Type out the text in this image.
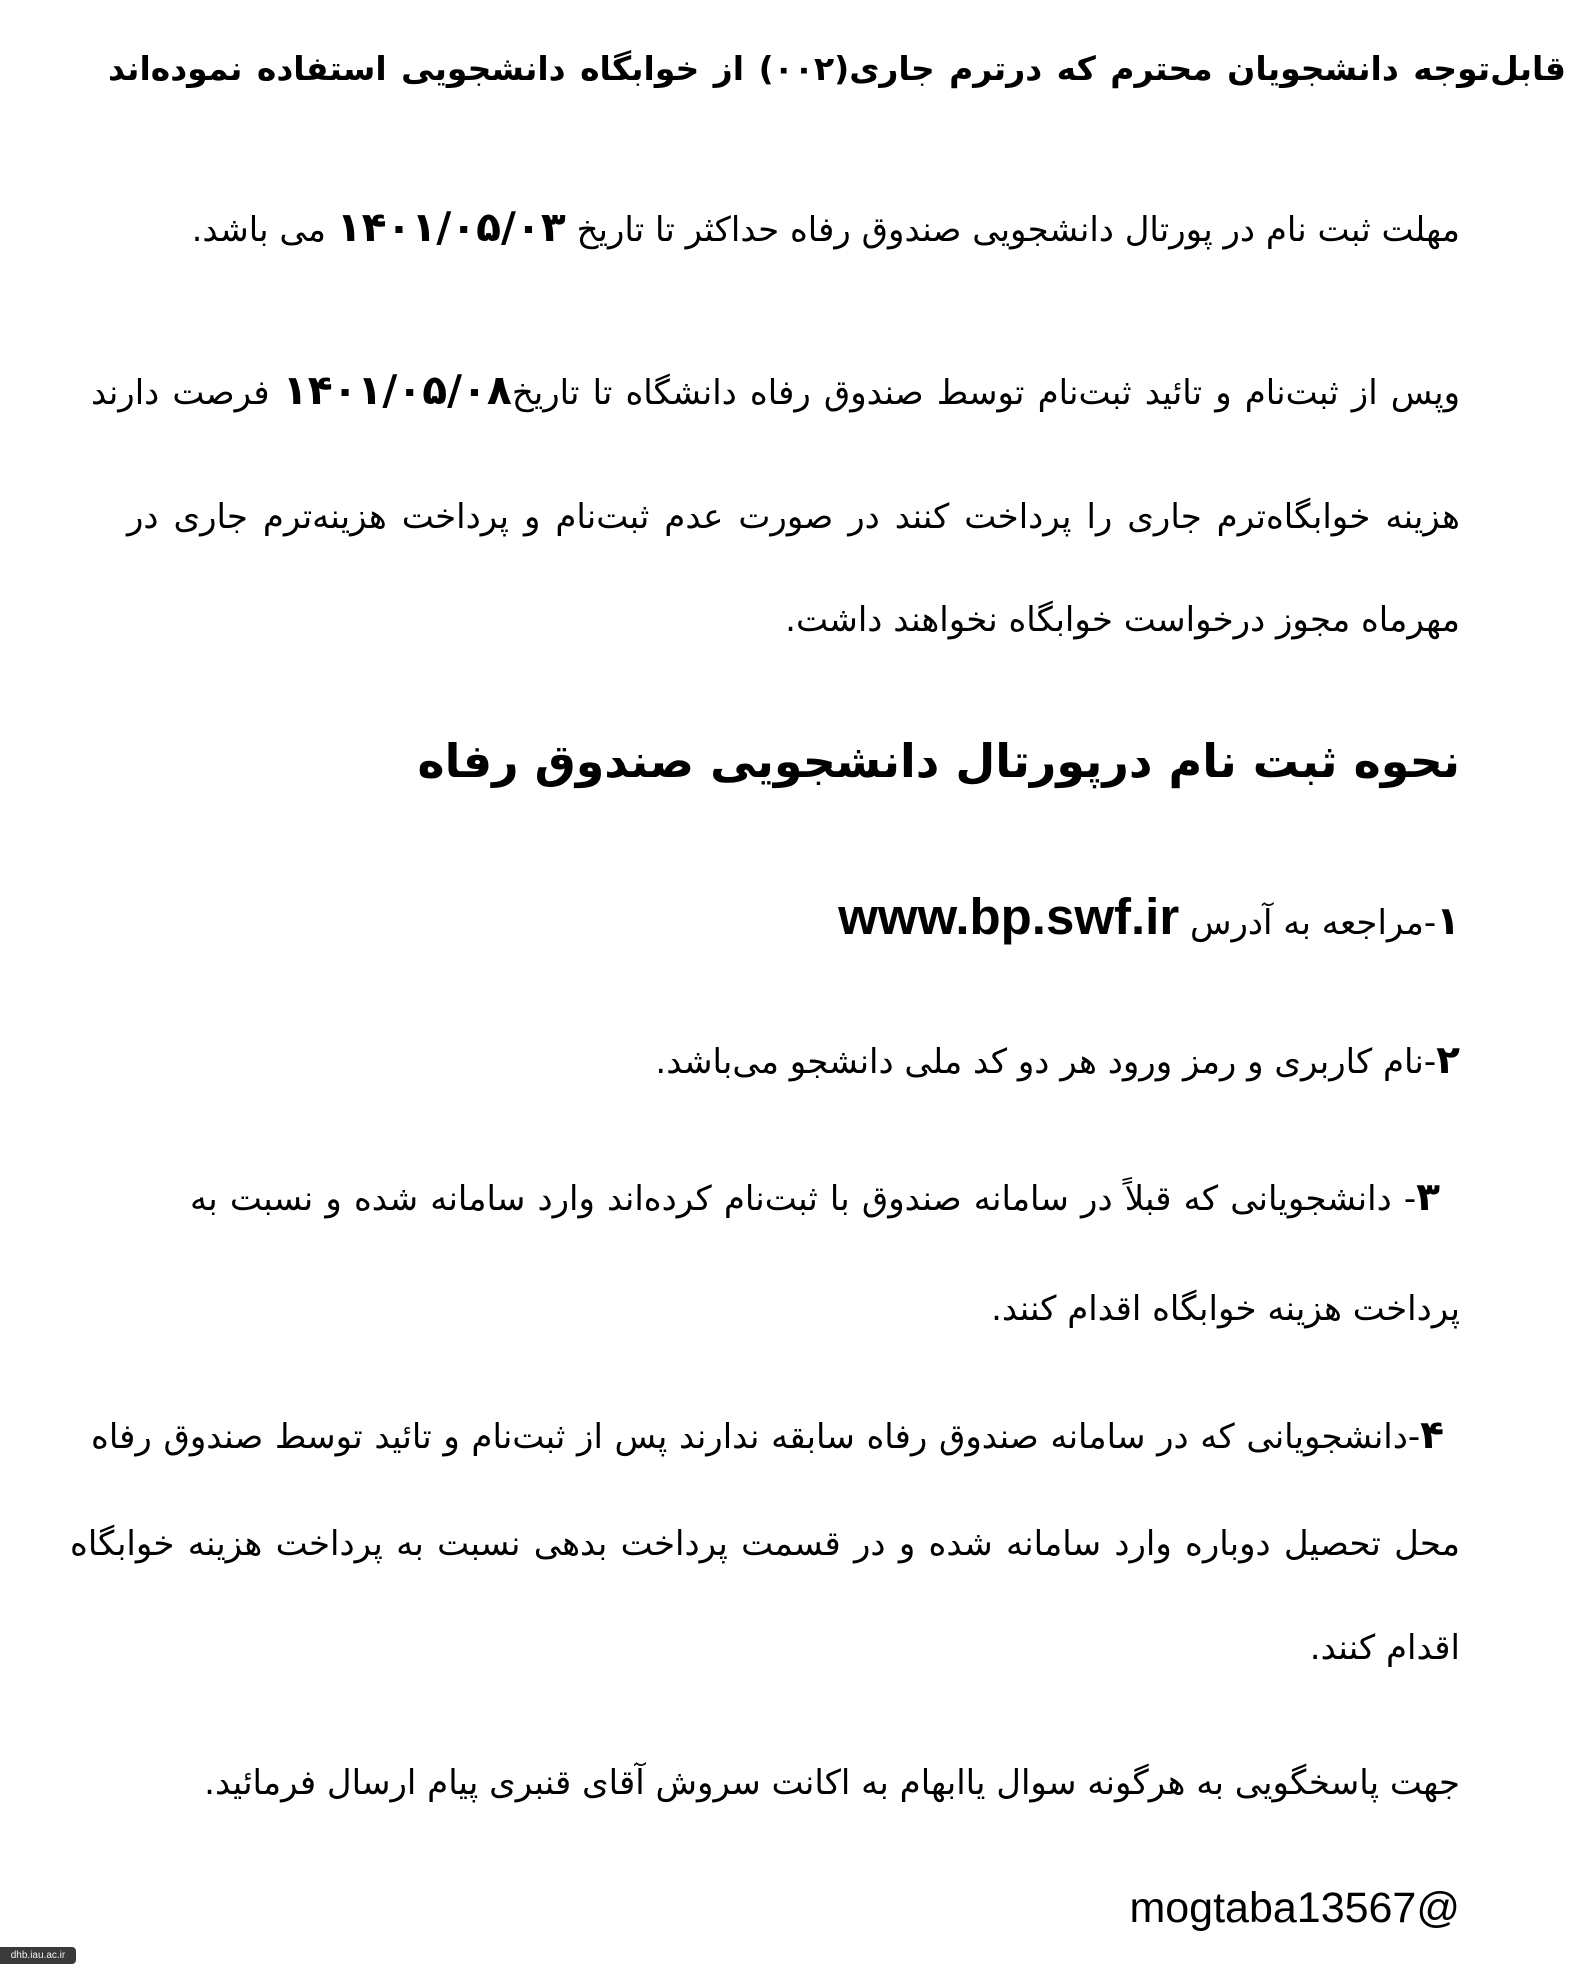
قابل‌توجه دانشجویان محترم که درترم جاری(۰۰۲) از خوابگاه دانشجویی استفاده نموده‌اند
مهلت ثبت نام در پورتال دانشجویی صندوق رفاه حداکثر تا تاریخ ۱۴۰۱/۰۵/۰۳ می باشد.
وپس از ثبت‌نام و تائید ثبت‌نام توسط صندوق رفاه دانشگاه تا تاریخ۱۴۰۱/۰۵/۰۸ فرصت دارند
هزینه خوابگاه‌ترم جاری را پرداخت کنند در صورت عدم ثبت‌نام و پرداخت هزینه‌ترم جاری در
مهرماه مجوز درخواست خوابگاه نخواهند داشت.
نحوه ثبت نام درپورتال دانشجویی صندوق رفاه
۱-مراجعه به آدرس www.bp.swf.ir
۲-نام کاربری و رمز ورود هر دو کد ملی دانشجو می‌باشد.
۳- دانشجویانی که قبلاً در سامانه صندوق با ثبت‌نام کرده‌اند وارد سامانه شده و نسبت به
پرداخت هزینه خوابگاه اقدام کنند.
۴-دانشجویانی که در سامانه صندوق رفاه سابقه ندارند پس از ثبت‌نام و تائید توسط صندوق رفاه
محل تحصیل دوباره وارد سامانه شده و در قسمت پرداخت بدهی نسبت به پرداخت هزینه خوابگاه
اقدام کنند.
جهت پاسخگویی به هرگونه سوال یاابهام به اکانت سروش آقای قنبری پیام ارسال فرمائید.
mogtaba13567@
dhb.iau.ac.ir
